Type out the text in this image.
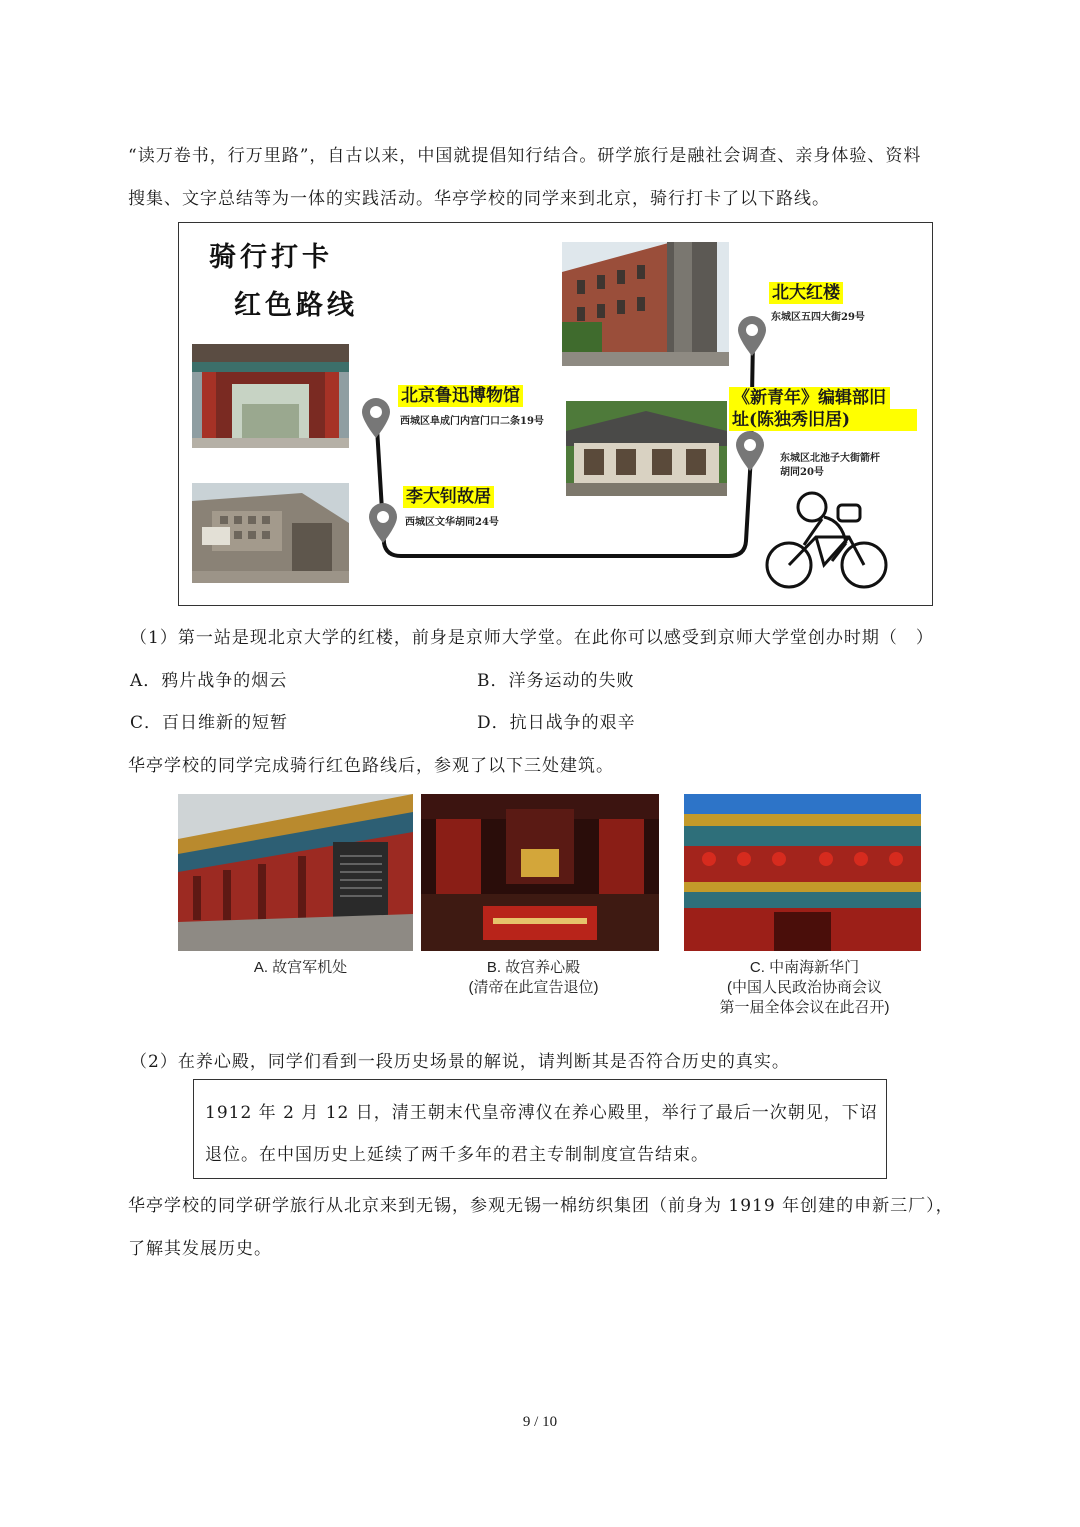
“读万卷书，行万里路”，自古以来，中国就提倡知行结合。研学旅行是融社会调查、亲身体验、资料
搜集、文字总结等为一体的实践活动。华亭学校的同学来到北京，骑行打卡了以下路线。
骑行打卡
红色路线	北大红楼
东城区五四大街29号
北京鲁迅博物馆
西城区阜成门内宫门口二条19号
《新青年》编辑部旧
址(陈独秀旧居)
东城区北池子大街箭杆
胡同20号
李大钊故居
西城区文华胡同24号
（1）第一站是现北京大学的红楼，前身是京师大学堂。在此你可以感受到京师大学堂创办时期（　）
A．鸦片战争的烟云	B．洋务运动的失败
C．百日维新的短暂	D．抗日战争的艰辛
华亭学校的同学完成骑行红色路线后，参观了以下三处建筑。
A. 故宫军机处	B. 故宫养心殿
(清帝在此宣告退位)
C. 中南海新华门
(中国人民政治协商会议
第一届全体会议在此召开)
（2）在养心殿，同学们看到一段历史场景的解说，请判断其是否符合历史的真实。
1912 年 2 月 12 日，清王朝末代皇帝溥仪在养心殿里，举行了最后一次朝见，下诏
退位。在中国历史上延续了两千多年的君主专制制度宣告结束。
华亭学校的同学研学旅行从北京来到无锡，参观无锡一棉纺织集团（前身为 1919 年创建的申新三厂），
了解其发展历史。
9 / 10
